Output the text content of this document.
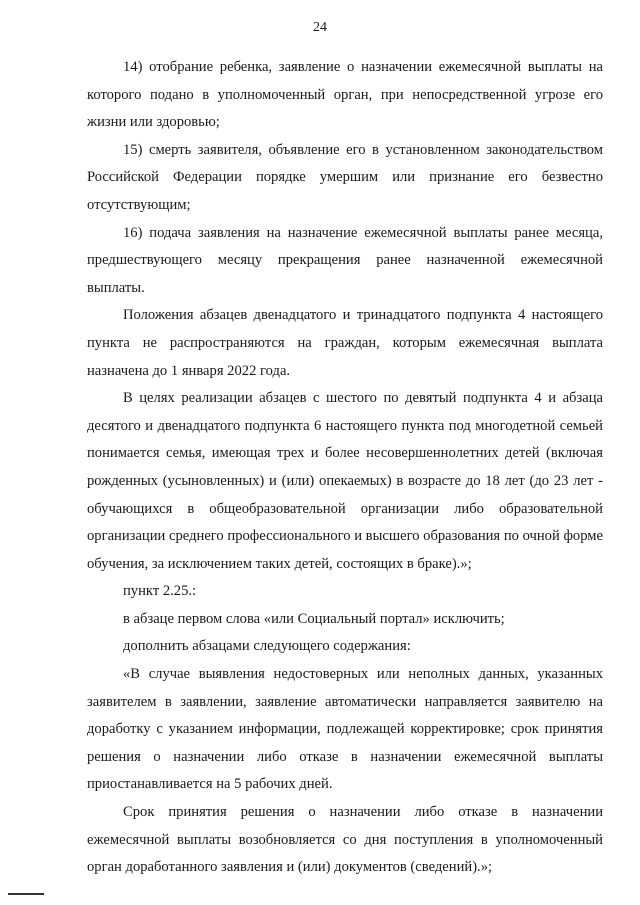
24

14) отобрание ребенка, заявление о назначении ежемесячной выплаты на которого подано в уполномоченный орган, при непосредственной угрозе его жизни или здоровью;

15) смерть заявителя, объявление его в установленном законодательством Российской Федерации порядке умершим или признание его безвестно отсутствующим;

16) подача заявления на назначение ежемесячной выплаты ранее месяца, предшествующего месяцу прекращения ранее назначенной ежемесячной выплаты.

Положения абзацев двенадцатого и тринадцатого подпункта 4 настоящего пункта не распространяются на граждан, которым ежемесячная выплата назначена до 1 января 2022 года.

В целях реализации абзацев с шестого по девятый подпункта 4 и абзаца десятого и двенадцатого подпункта 6 настоящего пункта под многодетной семьей понимается семья, имеющая трех и более несовершеннолетних детей (включая рожденных (усыновленных) и (или) опекаемых) в возрасте до 18 лет (до 23 лет - обучающихся в общеобразовательной организации либо образовательной организации среднего профессионального и высшего образования по очной форме обучения, за исключением таких детей, состоящих в браке).»;

пункт 2.25.:

в абзаце первом слова «или Социальный портал» исключить;

дополнить абзацами следующего содержания:

«В случае выявления недостоверных или неполных данных, указанных заявителем в заявлении, заявление автоматически направляется заявителю на доработку с указанием информации, подлежащей корректировке; срок принятия решения о назначении либо отказе в назначении ежемесячной выплаты приостанавливается на 5 рабочих дней.

Срок принятия решения о назначении либо отказе в назначении ежемесячной выплаты возобновляется со дня поступления в уполномоченный орган доработанного заявления и (или) документов (сведений).»;
